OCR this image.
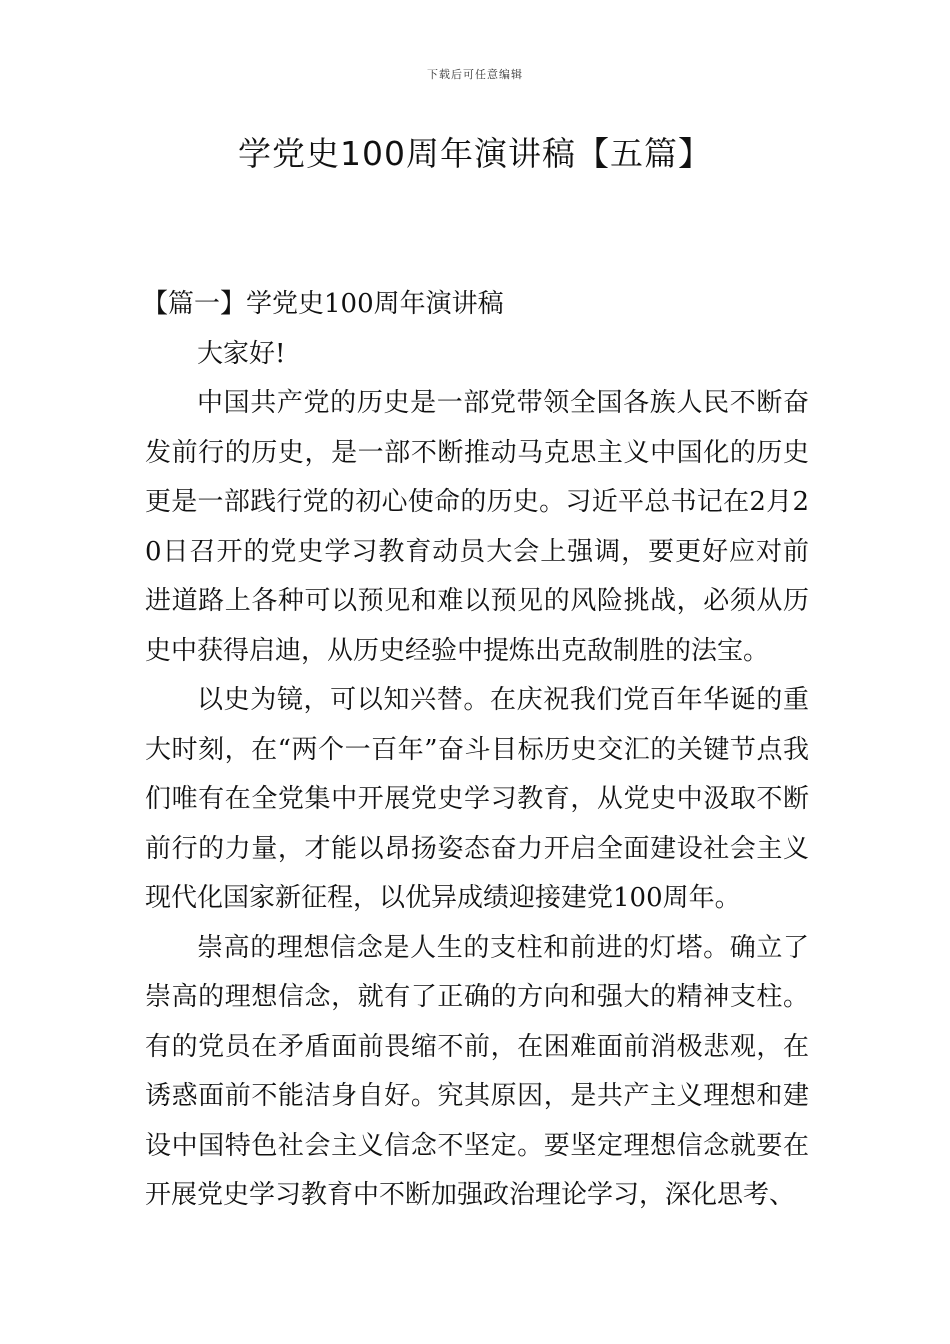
下载后可任意编辑
学党史100周年演讲稿【五篇】

【篇一】学党史100周年演讲稿

大家好!

中国共产党的历史是一部党带领全国各族人民不断奋发前行的历史，是一部不断推动马克思主义中国化的历史更是一部践行党的初心使命的历史。习近平总书记在2月20日召开的党史学习教育动员大会上强调，要更好应对前进道路上各种可以预见和难以预见的风险挑战，必须从历史中获得启迪，从历史经验中提炼出克敌制胜的法宝。

以史为镜，可以知兴替。在庆祝我们党百年华诞的重大时刻，在“两个一百年”奋斗目标历史交汇的关键节点我们唯有在全党集中开展党史学习教育，从党史中汲取不断前行的力量，才能以昂扬姿态奋力开启全面建设社会主义现代化国家新征程，以优异成绩迎接建党100周年。

崇高的理想信念是人生的支柱和前进的灯塔。确立了崇高的理想信念，就有了正确的方向和强大的精神支柱。有的党员在矛盾面前畏缩不前，在困难面前消极悲观，在诱惑面前不能洁身自好。究其原因，是共产主义理想和建设中国特色社会主义信念不坚定。要坚定理想信念就要在开展党史学习教育中不断加强政治理论学习，深化思考、
